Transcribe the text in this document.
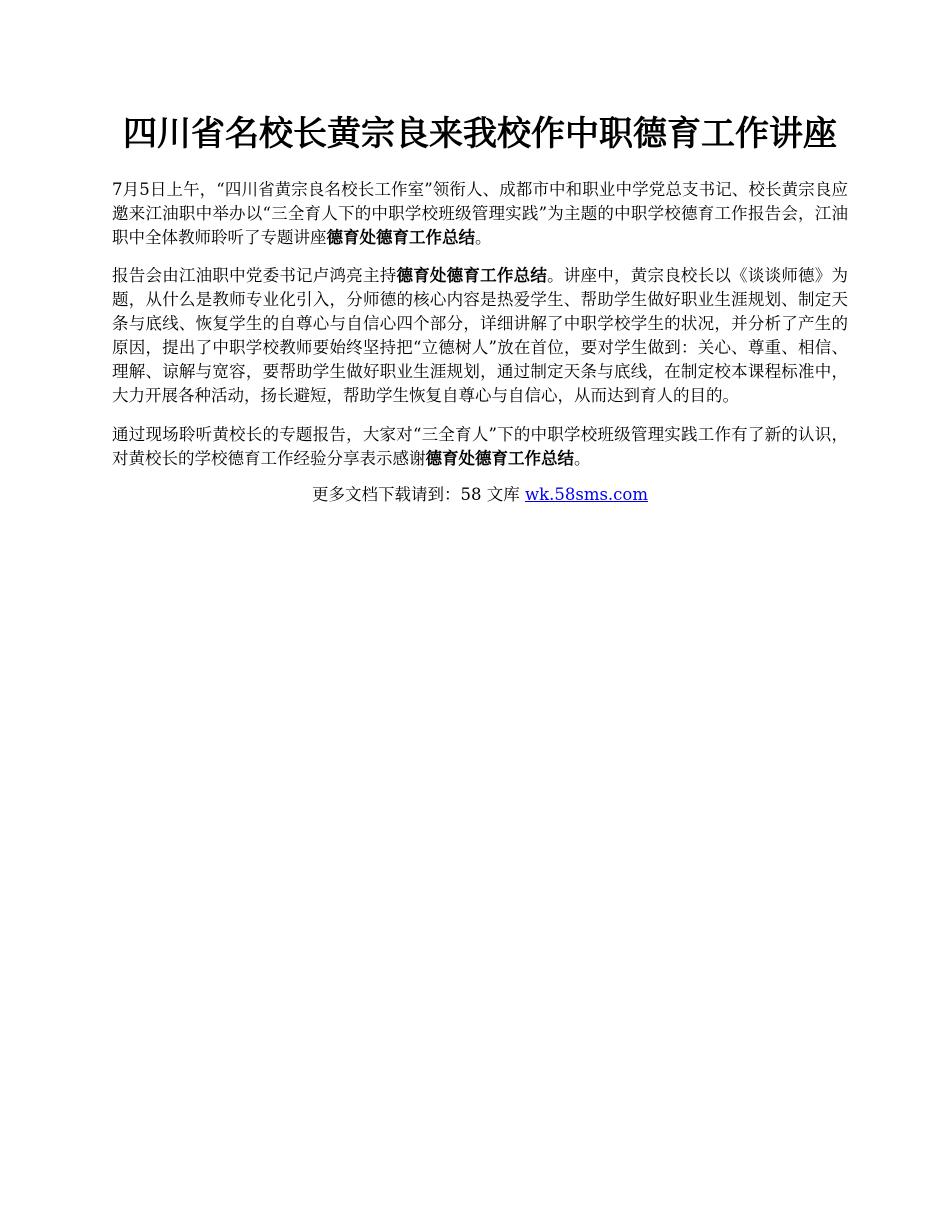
四川省名校长黄宗良来我校作中职德育工作讲座

7月5日上午，“四川省黄宗良名校长工作室”领衔人、成都市中和职业中学党总支书记、校长黄宗良应邀来江油职中举办以“三全育人下的中职学校班级管理实践”为主题的中职学校德育工作报告会，江油职中全体教师聆听了专题讲座德育处德育工作总结。

报告会由江油职中党委书记卢鸿亮主持德育处德育工作总结。讲座中，黄宗良校长以《谈谈师德》为题，从什么是教师专业化引入，分师德的核心内容是热爱学生、帮助学生做好职业生涯规划、制定天条与底线、恢复学生的自尊心与自信心四个部分，详细讲解了中职学校学生的状况，并分析了产生的原因，提出了中职学校教师要始终坚持把“立德树人”放在首位，要对学生做到：关心、尊重、相信、理解、谅解与宽容，要帮助学生做好职业生涯规划，通过制定天条与底线，在制定校本课程标准中，大力开展各种活动，扬长避短，帮助学生恢复自尊心与自信心，从而达到育人的目的。

通过现场聆听黄校长的专题报告，大家对“三全育人”下的中职学校班级管理实践工作有了新的认识，对黄校长的学校德育工作经验分享表示感谢德育处德育工作总结。

更多文档下载请到：58 文库 wk.58sms.com
